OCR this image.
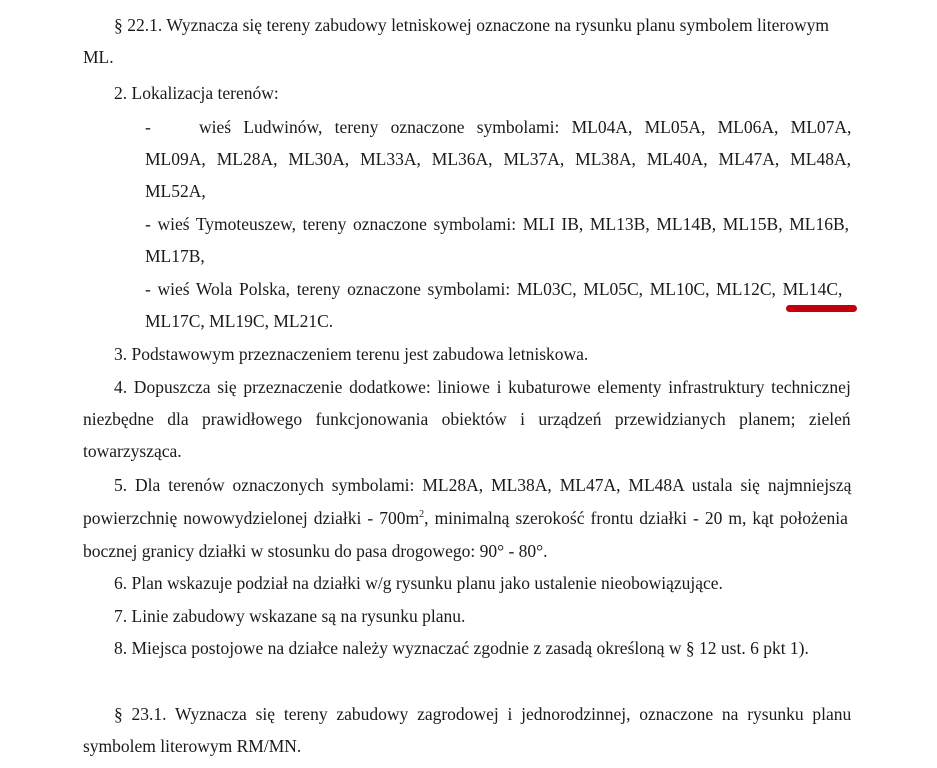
§ 22.1. Wyznacza się tereny zabudowy letniskowej oznaczone na rysunku planu symbolem literowym
ML.
2. Lokalizacja terenów:
-	wieś Ludwinów, tereny oznaczone symbolami: ML04A, ML05A, ML06A, ML07A,
ML09A, ML28A, ML30A, ML33A, ML36A, ML37A, ML38A, ML40A, ML47A, ML48A,
ML52A,
- wieś Tymoteuszew, tereny oznaczone symbolami: MLI IB, ML13B, ML14B, ML15B, ML16B,
ML17B,
- wieś Wola Polska, tereny oznaczone symbolami: ML03C, ML05C, ML10C, ML12C, ML14C,
ML17C, ML19C, ML21C.
3. Podstawowym przeznaczeniem terenu jest zabudowa letniskowa.
4. Dopuszcza się przeznaczenie dodatkowe: liniowe i kubaturowe elementy infrastruktury technicznej
niezbędne dla prawidłowego funkcjonowania obiektów i urządzeń przewidzianych planem; zieleń
towarzysząca.
5. Dla terenów oznaczonych symbolami: ML28A, ML38A, ML47A, ML48A ustala się najmniejszą
powierzchnię nowowydzielonej działki - $700m^2$, minimalną szerokość frontu działki - 20 m, kąt położenia
bocznej granicy działki w stosunku do pasa drogowego: 90° - 80°.
6. Plan wskazuje podział na działki w/g rysunku planu jako ustalenie nieobowiązujące.
7. Linie zabudowy wskazane są na rysunku planu.
8. Miejsca postojowe na działce należy wyznaczać zgodnie z zasadą określoną w § 12 ust. 6 pkt 1).
§ 23.1. Wyznacza się tereny zabudowy zagrodowej i jednorodzinnej, oznaczone na rysunku planu
symbolem literowym RM/MN.
